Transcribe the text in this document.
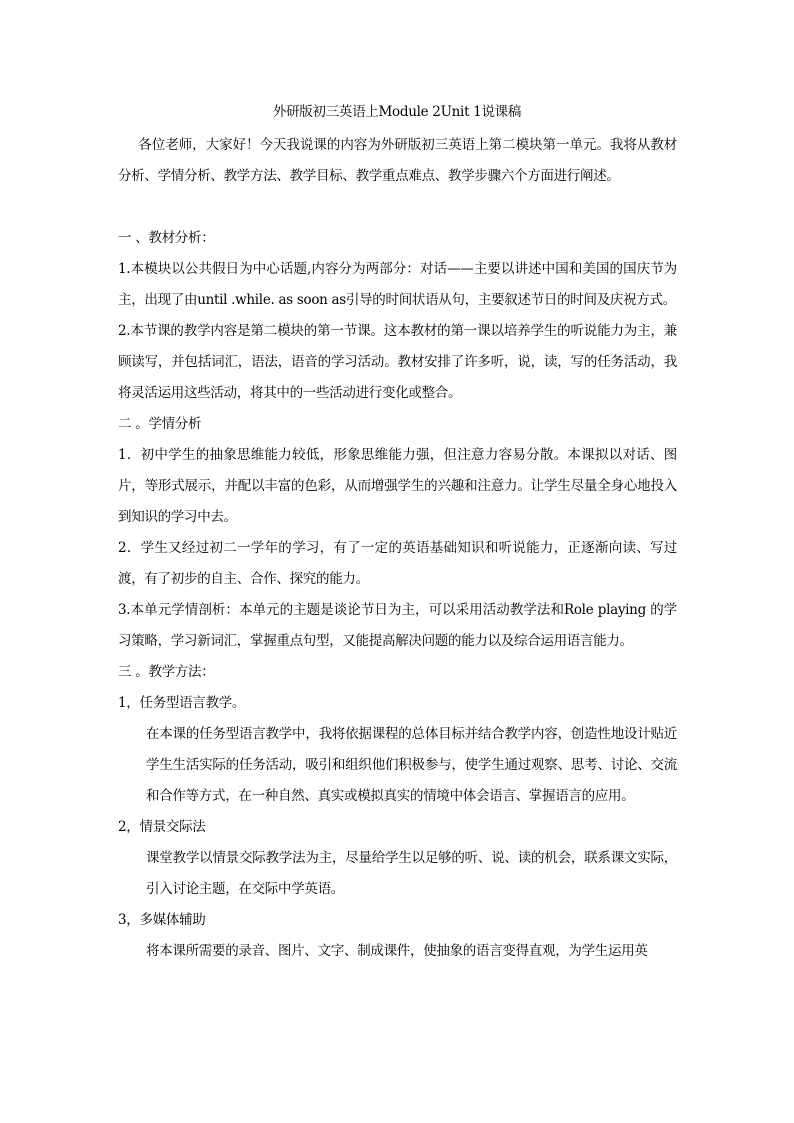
外研版初三英语上Module 2Unit 1说课稿

各位老师，大家好！今天我说课的内容为外研版初三英语上第二模块第一单元。我将从教材分析、学情分析、教学方法、教学目标、教学重点难点、教学步骤六个方面进行阐述。

一 、教材分析：

1.本模块以公共假日为中心话题,内容分为两部分：对话——主要以讲述中国和美国的国庆节为主，出现了由until .while. as soon as引导的时间状语从句，主要叙述节日的时间及庆祝方式。

2.本节课的教学内容是第二模块的第一节课。这本教材的第一课以培养学生的听说能力为主，兼顾读写，并包括词汇，语法，语音的学习活动。教材安排了许多听，说，读，写的任务活动，我将灵活运用这些活动，将其中的一些活动进行变化或整合。

二 。学情分析

1．初中学生的抽象思维能力较低，形象思维能力强，但注意力容易分散。本课拟以对话、图片，等形式展示，并配以丰富的色彩，从而增强学生的兴趣和注意力。让学生尽量全身心地投入到知识的学习中去。

2．学生又经过初二一学年的学习，有了一定的英语基础知识和听说能力，正逐渐向读、写过渡，有了初步的自主、合作、探究的能力。

3.本单元学情剖析：本单元的主题是谈论节日为主，可以采用活动教学法和Role playing 的学习策略，学习新词汇，掌握重点句型，又能提高解决问题的能力以及综合运用语言能力。

三 。教学方法：

1，任务型语言教学。

在本课的任务型语言教学中，我将依据课程的总体目标并结合教学内容，创造性地设计贴近学生生活实际的任务活动，吸引和组织他们积极参与，使学生通过观察、思考、讨论、交流和合作等方式，在一种自然、真实或模拟真实的情境中体会语言、掌握语言的应用。

2，情景交际法

课堂教学以情景交际教学法为主，尽量给学生以足够的听、说、读的机会，联系课文实际，引入讨论主题，在交际中学英语。

3，多媒体辅助

将本课所需要的录音、图片、文字、制成课件，使抽象的语言变得直观，为学生运用英
